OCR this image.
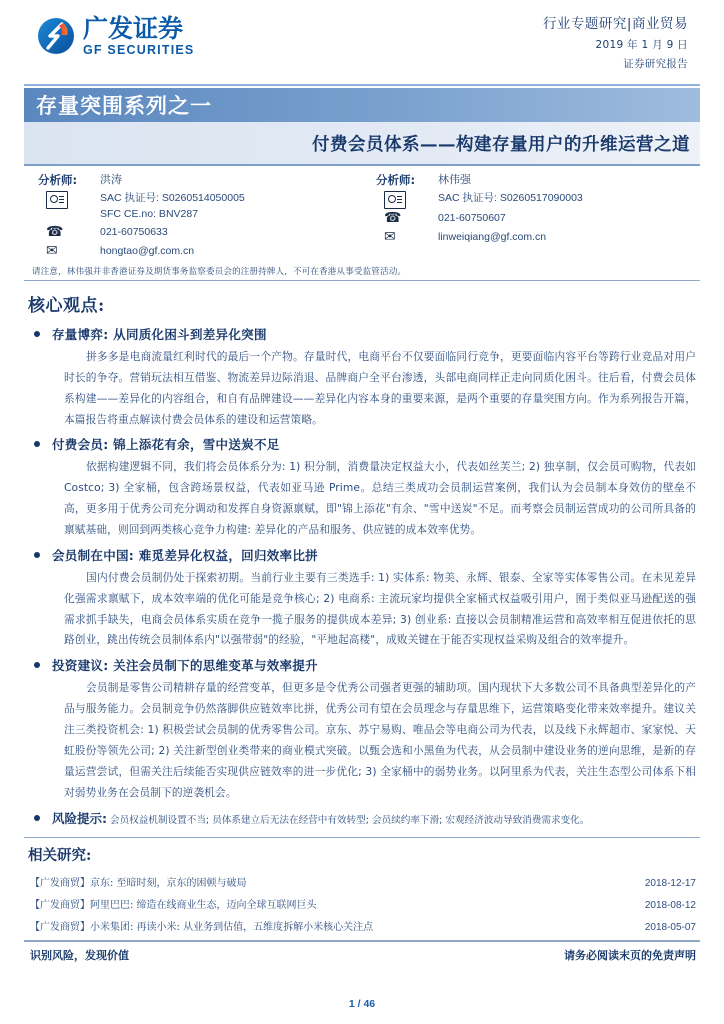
广发证券
GF SECURITIES
行业专题研究|商业贸易
2019 年 1 月 9 日
证券研究报告
存量突围系列之一
付费会员体系——构建存量用户的升维运营之道
分析师:	洪涛
SAC 执证号: S0260514050005
SFC CE.no: BNV287
☎	021-60750633
✉	hongtao@gf.com.cn
分析师:	林伟强
SAC 执证号: S0260517090003
☎	021-60750607
✉	linweiqiang@gf.com.cn
请注意，林伟强并非香港证券及期货事务监察委员会的注册持牌人，不可在香港从事受监管活动。
核心观点:
存量博弈: 从同质化困斗到差异化突围
拼多多是电商流量红利时代的最后一个产物。存量时代，电商平台不仅要面临同行竞争，更要面临内容平台等跨行业竞品对用户时长的争夺。营销玩法相互借鉴、物流差异边际消退、品牌商户全平台渗透，头部电商同样正走向同质化困斗。往后看，付费会员体系构建——差异化的内容组合，和自有品牌建设——差异化内容本身的重要来源，是两个重要的存量突围方向。作为系列报告开篇，本篇报告将重点解读付费会员体系的建设和运营策略。
付费会员: 锦上添花有余，雪中送炭不足
依据构建逻辑不同，我们将会员体系分为: 1) 积分制，消费量决定权益大小，代表如丝芙兰; 2) 独享制，仅会员可购物，代表如 Costco; 3) 全家桶，包含跨场景权益，代表如亚马逊 Prime。总结三类成功会员制运营案例，我们认为会员制本身效仿的壁垒不高，更多用于优秀公司充分调动和发挥自身资源禀赋，即"锦上添花"有余、"雪中送炭"不足。而考察会员制运营成功的公司所具备的禀赋基础，则回到两类核心竞争力构建: 差异化的产品和服务、供应链的成本效率优势。
会员制在中国: 难觅差异化权益，回归效率比拼
国内付费会员制仍处于探索初期。当前行业主要有三类选手: 1) 实体系: 物美、永辉、银泰、全家等实体零售公司。在未见差异化强需求禀赋下，成本效率端的优化可能是竞争核心; 2) 电商系: 主流玩家均提供全家桶式权益吸引用户，囿于类似亚马逊配送的强需求抓手缺失，电商会员体系实质在竞争一揽子服务的提供成本差异; 3) 创业系: 直接以会员制精准运营和高效率相互促进依托的思路创业，跳出传统会员制体系内"以强带弱"的经验，"平地起高楼"，成败关键在于能否实现权益采购及组合的效率提升。
投资建议: 关注会员制下的思维变革与效率提升
会员制是零售公司精耕存量的经营变革，但更多是令优秀公司强者更强的辅助项。国内现状下大多数公司不具备典型差异化的产品与服务能力。会员制竞争仍然落脚供应链效率比拼，优秀公司有望在会员理念与存量思维下，运营策略变化带来效率提升。建议关注三类投资机会: 1) 积极尝试会员制的优秀零售公司。京东、苏宁易购、唯品会等电商公司为代表，以及线下永辉超市、家家悦、天虹股份等领先公司; 2) 关注新型创业类带来的商业模式突破。以甄会选和小黑鱼为代表，从会员制中建设业务的逆向思维，是新的存量运营尝试，但需关注后续能否实现供应链效率的进一步优化; 3) 全家桶中的弱势业务。以阿里系为代表，关注生态型公司体系下相对弱势业务在会员制下的逆袭机会。
风险提示: 会员权益机制设置不当; 员体系建立后无法在经营中有效转型; 会员续约率下滑; 宏观经济波动导致消费需求变化。
相关研究:
【广发商贸】京东: 至暗时刻，京东的困顿与破局	2018-12-17
【广发商贸】阿里巴巴: 缔造在线商业生态，迈向全球互联网巨头	2018-08-12
【广发商贸】小米集团: 再读小米: 从业务到估值，五维度拆解小米核心关注点	2018-05-07
识别风险，发现价值	请务必阅读末页的免责声明
1 / 46
